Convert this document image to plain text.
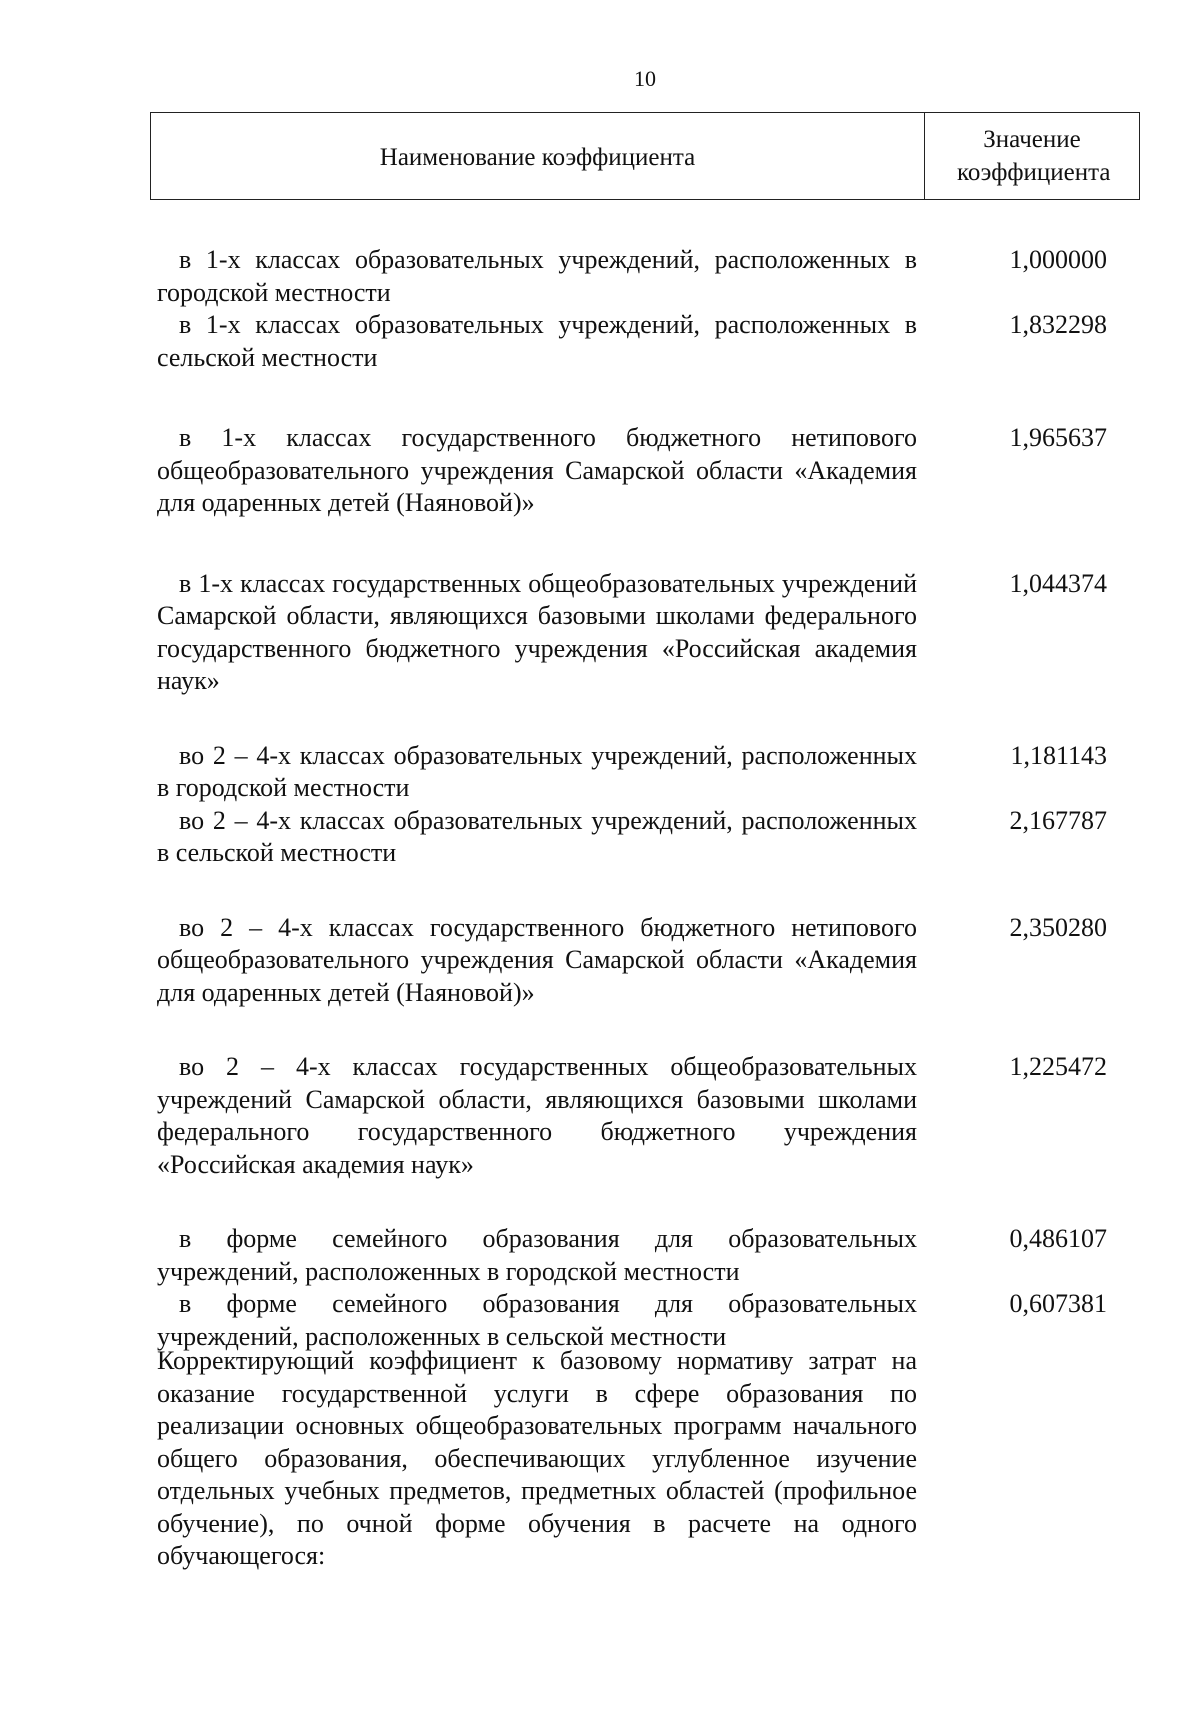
10
Наименование коэффициента
Значение коэффициента
в 1-х классах образовательных учреждений, расположенных в городской местности
1,000000
в 1-х классах образовательных учреждений, расположенных в сельской местности
1,832298
в 1-х классах государственного бюджетного нетипового общеобразовательного учреждения Самарской области «Академия для одаренных детей (Наяновой)»
1,965637
в 1-х классах государственных общеобразовательных учреждений Самарской области, являющихся базовыми школами федерального государственного бюджетного учреждения «Российская академия наук»
1,044374
во 2 – 4-х классах образовательных учреждений, расположенных в городской местности
1,181143
во 2 – 4-х классах образовательных учреждений, расположенных в сельской местности
2,167787
во 2 – 4-х классах государственного бюджетного нетипового общеобразовательного учреждения Самарской области «Академия для одаренных детей (Наяновой)»
2,350280
во 2 – 4-х классах государственных общеобразовательных учреждений Самарской области, являющихся базовыми школами федерального государственного бюджетного учреждения «Российская академия наук»
1,225472
в форме семейного образования для образовательных учреждений, расположенных в городской местности
0,486107
в форме семейного образования для образовательных учреждений, расположенных в сельской местности
0,607381
Корректирующий коэффициент к базовому нормативу затрат на оказание государственной услуги в сфере образования по реализации основных общеобразовательных программ начального общего образования, обеспечивающих углубленное изучение отдельных учебных предметов, предметных областей (профильное обучение), по очной форме обучения в расчете на одного обучающегося:
